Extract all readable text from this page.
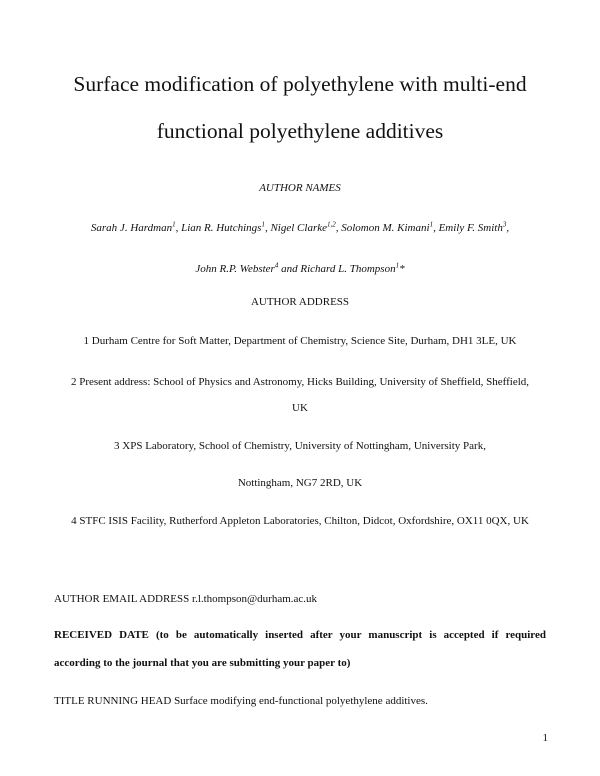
Surface modification of polyethylene with multi-end
functional polyethylene additives
AUTHOR NAMES
Sarah J. Hardman$^1$, Lian R. Hutchings$^1$, Nigel Clarke$^{1,2}$, Solomon M. Kimani$^1$, Emily F. Smith$^3$,
John R.P. Webster$^4$ and Richard L. Thompson$^1$*
AUTHOR ADDRESS
1 Durham Centre for Soft Matter, Department of Chemistry, Science Site, Durham, DH1 3LE, UK
2 Present address: School of Physics and Astronomy, Hicks Building, University of Sheffield, Sheffield,
UK
3 XPS Laboratory, School of Chemistry, University of Nottingham, University Park,
Nottingham, NG7 2RD, UK
4 STFC ISIS Facility, Rutherford Appleton Laboratories, Chilton, Didcot, Oxfordshire, OX11 0QX, UK
AUTHOR EMAIL ADDRESS r.l.thompson@durham.ac.uk
RECEIVED DATE (to be automatically inserted after your manuscript is accepted if required
according to the journal that you are submitting your paper to)
TITLE RUNNING HEAD Surface modifying end-functional polyethylene additives.
1
